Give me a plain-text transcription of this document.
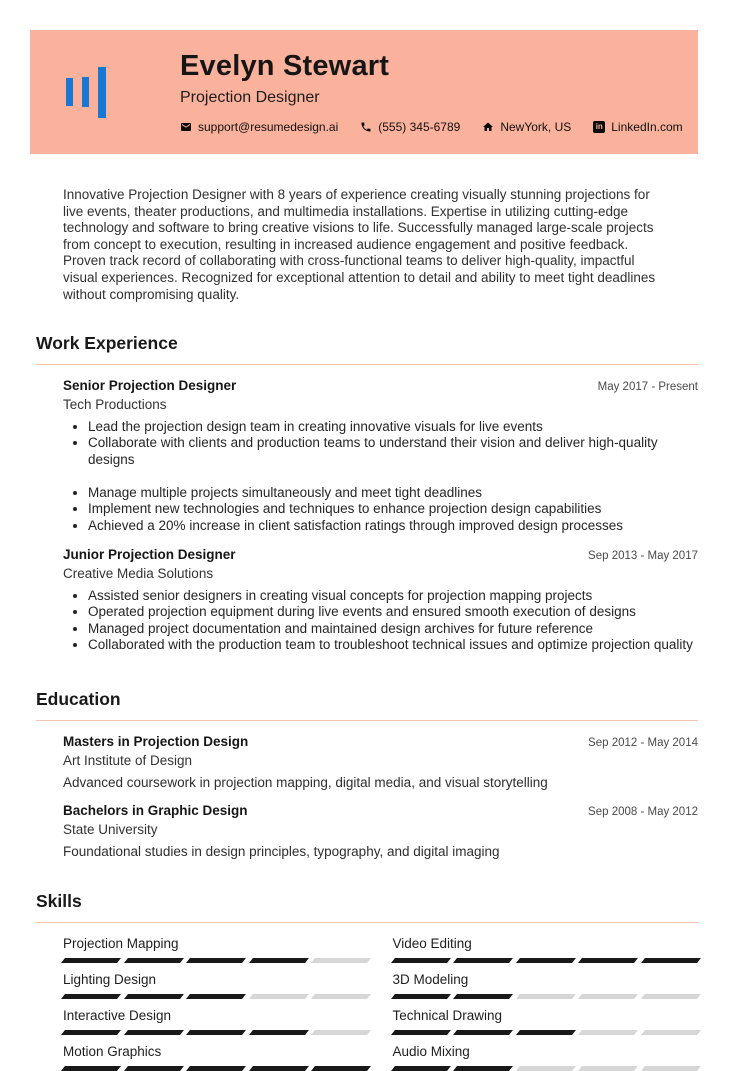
Evelyn Stewart
Projection Designer
support@resumedesign.ai	(555) 345-6789	NewYork, US	in LinkedIn.com

Innovative Projection Designer with 8 years of experience creating visually stunning projections for live events, theater productions, and multimedia installations. Expertise in utilizing cutting-edge technology and software to bring creative visions to life. Successfully managed large-scale projects from concept to execution, resulting in increased audience engagement and positive feedback. Proven track record of collaborating with cross-functional teams to deliver high-quality, impactful visual experiences. Recognized for exceptional attention to detail and ability to meet tight deadlines without compromising quality.

Work Experience
Senior Projection Designer	May 2017 - Present
Tech Productions
• Lead the projection design team in creating innovative visuals for live events
• Collaborate with clients and production teams to understand their vision and deliver high-quality designs
• Manage multiple projects simultaneously and meet tight deadlines
• Implement new technologies and techniques to enhance projection design capabilities
• Achieved a 20% increase in client satisfaction ratings through improved design processes
Junior Projection Designer	Sep 2013 - May 2017
Creative Media Solutions
• Assisted senior designers in creating visual concepts for projection mapping projects
• Operated projection equipment during live events and ensured smooth execution of designs
• Managed project documentation and maintained design archives for future reference
• Collaborated with the production team to troubleshoot technical issues and optimize projection quality
Education
Masters in Projection Design	Sep 2012 - May 2014
Art Institute of Design
Advanced coursework in projection mapping, digital media, and visual storytelling
Bachelors in Graphic Design	Sep 2008 - May 2012
State University
Foundational studies in design principles, typography, and digital imaging
Skills
Projection Mapping	Video Editing
Lighting Design	3D Modeling
Interactive Design	Technical Drawing
Motion Graphics	Audio Mixing
